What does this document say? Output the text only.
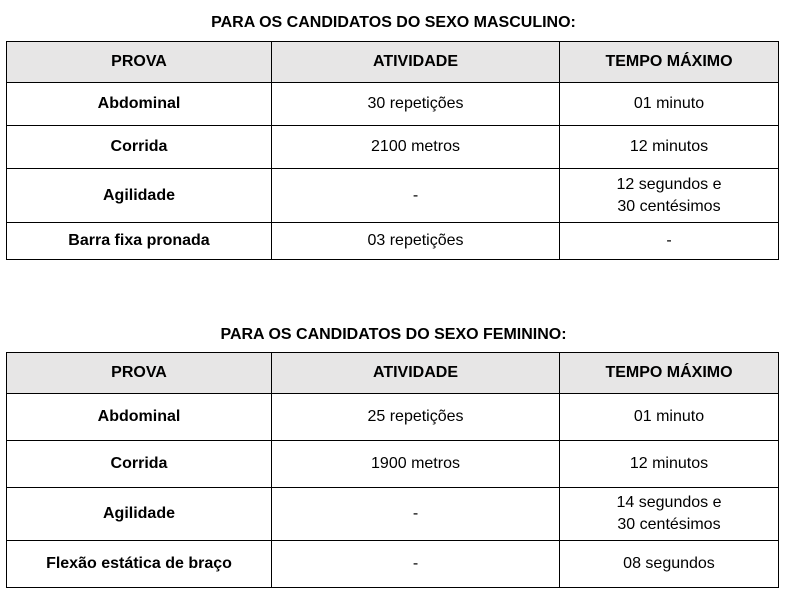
PARA OS CANDIDATOS DO SEXO MASCULINO:
PROVA	ATIVIDADE	TEMPO MÁXIMO
Abdominal	30 repetições	01 minuto

Corrida	2100 metros	12 minutos

Agilidade	-	12 segundos e
30 centésimos

Barra fixa pronada	03 repetições	-
PARA OS CANDIDATOS DO SEXO FEMININO:
PROVA	ATIVIDADE	TEMPO MÁXIMO
Abdominal	25 repetições	01 minuto

Corrida	1900 metros	12 minutos

Agilidade	-	14 segundos e
30 centésimos

Flexão estática de braço	-	08 segundos
